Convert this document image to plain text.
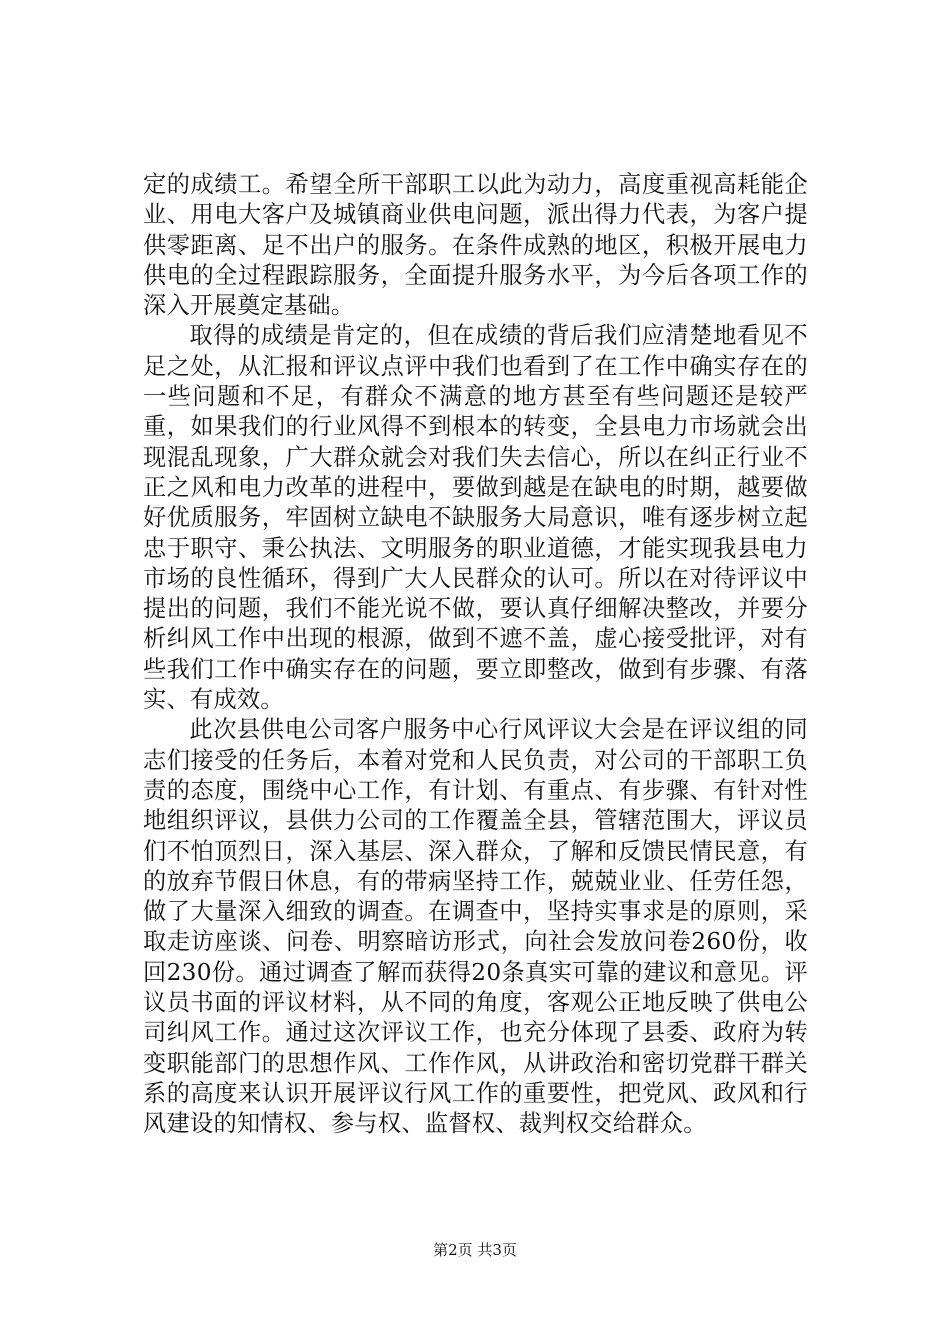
定的成绩工。希望全所干部职工以此为动力，高度重视高耗能企业、用电大客户及城镇商业供电问题，派出得力代表，为客户提供零距离、足不出户的服务。在条件成熟的地区，积极开展电力供电的全过程跟踪服务，全面提升服务水平，为今后各项工作的深入开展奠定基础。

取得的成绩是肯定的，但在成绩的背后我们应清楚地看见不足之处，从汇报和评议点评中我们也看到了在工作中确实存在的一些问题和不足，有群众不满意的地方甚至有些问题还是较严重，如果我们的行业风得不到根本的转变，全县电力市场就会出现混乱现象，广大群众就会对我们失去信心，所以在纠正行业不正之风和电力改革的进程中，要做到越是在缺电的时期，越要做好优质服务，牢固树立缺电不缺服务大局意识，唯有逐步树立起忠于职守、秉公执法、文明服务的职业道德，才能实现我县电力市场的良性循环，得到广大人民群众的认可。所以在对待评议中提出的问题，我们不能光说不做，要认真仔细解决整改，并要分析纠风工作中出现的根源，做到不遮不盖，虚心接受批评，对有些我们工作中确实存在的问题，要立即整改，做到有步骤、有落实、有成效。

此次县供电公司客户服务中心行风评议大会是在评议组的同志们接受的任务后，本着对党和人民负责，对公司的干部职工负责的态度，围绕中心工作，有计划、有重点、有步骤、有针对性地组织评议，县供力公司的工作覆盖全县，管辖范围大，评议员们不怕顶烈日，深入基层、深入群众，了解和反馈民情民意，有的放弃节假日休息，有的带病坚持工作，兢兢业业、任劳任怨，做了大量深入细致的调查。在调查中，坚持实事求是的原则，采取走访座谈、问卷、明察暗访形式，向社会发放问卷260份，收回230份。通过调查了解而获得20条真实可靠的建议和意见。评议员书面的评议材料，从不同的角度，客观公正地反映了供电公司纠风工作。通过这次评议工作，也充分体现了县委、政府为转变职能部门的思想作风、工作作风，从讲政治和密切党群干群关系的高度来认识开展评议行风工作的重要性，把党风、政风和行风建设的知情权、参与权、监督权、裁判权交给群众。

第2页 共3页
